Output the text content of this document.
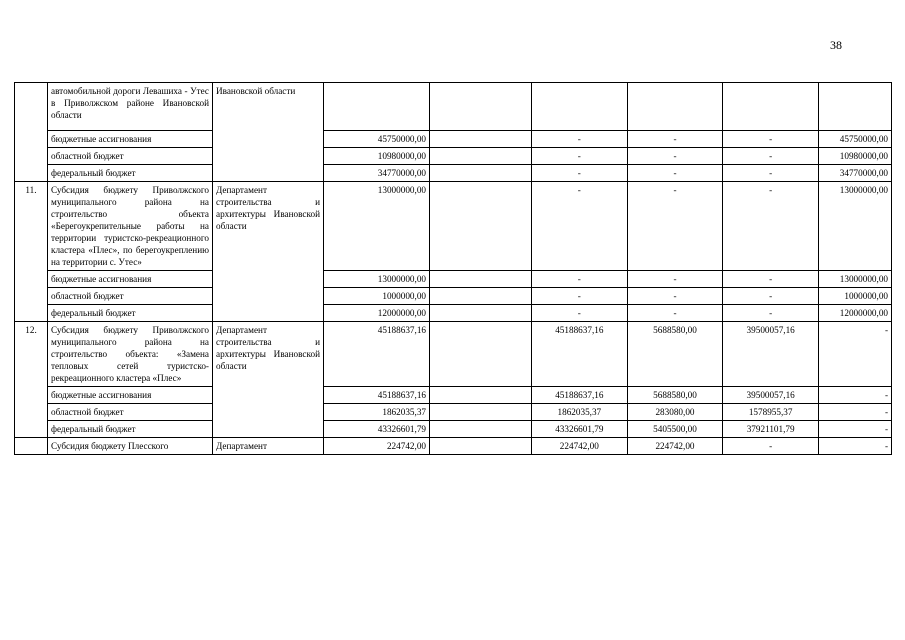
38
	автомобильной дороги Левашиха - Утес в Приволжском районе Ивановской области	Ивановской области						
	бюджетные ассигнования		45750000,00		-	-	-	45750000,00
	областной бюджет		10980000,00		-	-	-	10980000,00
	федеральный бюджет		34770000,00		-	-	-	34770000,00
11.	Субсидия бюджету Приволжского муниципального района на строительство объекта «Берегоукрепительные работы на территории туристско-рекреационного кластера «Плес», по берегоукреплению на территории с. Утес»	Департамент строительства и архитектуры Ивановской области	13000000,00		-	-	-	13000000,00
	бюджетные ассигнования		13000000,00		-	-	-	13000000,00
	областной бюджет		1000000,00		-	-	-	1000000,00
	федеральный бюджет		12000000,00		-	-	-	12000000,00
12.	Субсидия бюджету Приволжского муниципального района на строительство объекта: «Замена тепловых сетей туристско-рекреационного кластера «Плес»	Департамент строительства и архитектуры Ивановской области	45188637,16		45188637,16	5688580,00	39500057,16	-
	бюджетные ассигнования		45188637,16		45188637,16	5688580,00	39500057,16	-
	областной бюджет		1862035,37		1862035,37	283080,00	1578955,37	-
	федеральный бюджет		43326601,79		43326601,79	5405500,00	37921101,79	-
	Субсидия бюджету Плесского	Департамент	224742,00		224742,00	224742,00	-	-
